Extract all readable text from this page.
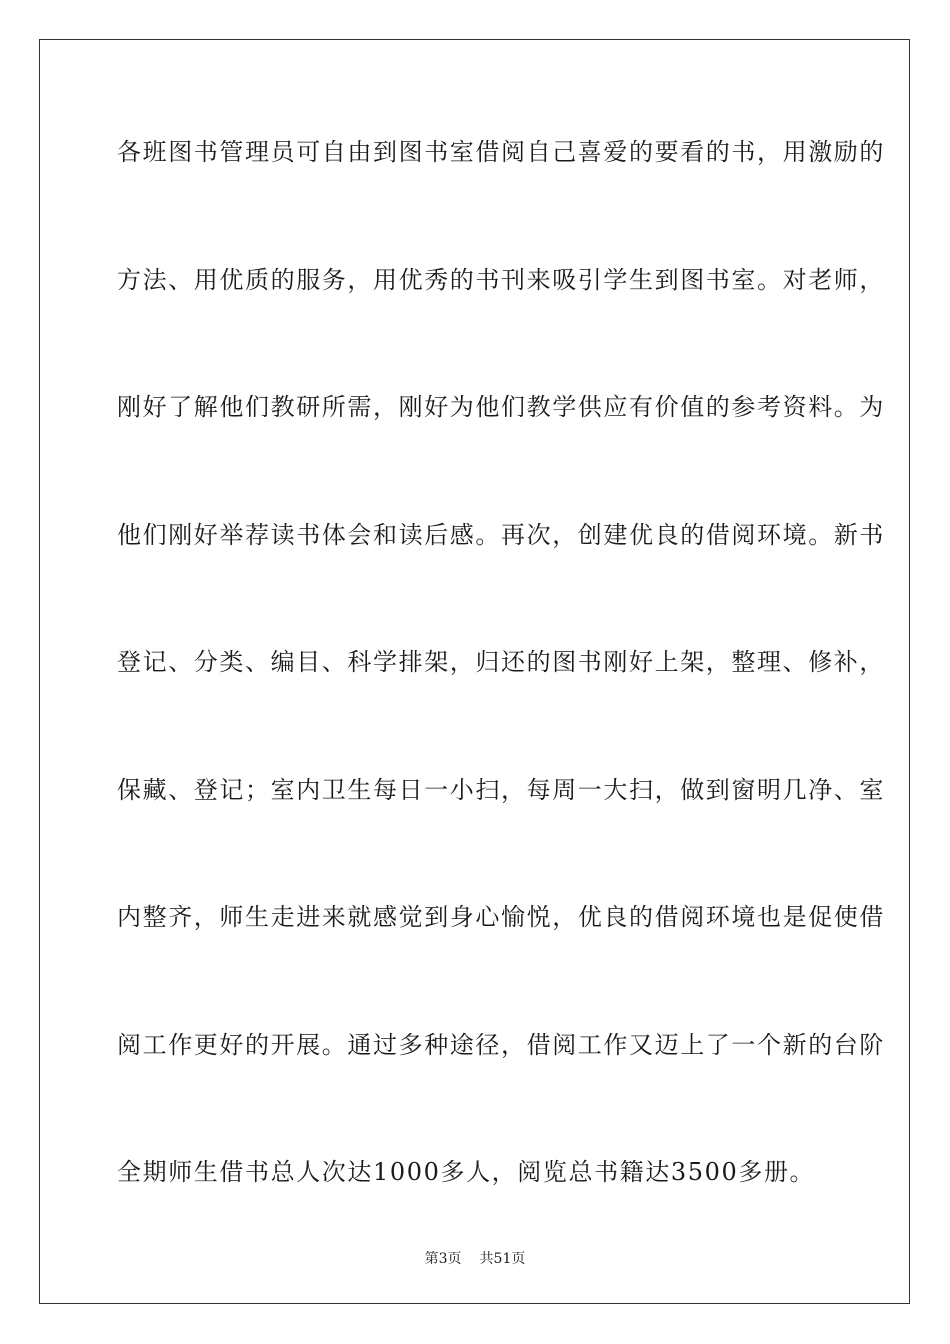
各班图书管理员可自由到图书室借阅自己喜爱的要看的书，用激励的
方法、用优质的服务，用优秀的书刊来吸引学生到图书室。对老师，
刚好了解他们教研所需，刚好为他们教学供应有价值的参考资料。为
他们刚好举荐读书体会和读后感。再次，创建优良的借阅环境。新书
登记、分类、编目、科学排架，归还的图书刚好上架，整理、修补，
保藏、登记；室内卫生每日一小扫，每周一大扫，做到窗明几净、室
内整齐，师生走进来就感觉到身心愉悦，优良的借阅环境也是促使借
阅工作更好的开展。通过多种途径，借阅工作又迈上了一个新的台阶
全期师生借书总人次达1000多人，阅览总书籍达3500多册。
第3页 共51页
